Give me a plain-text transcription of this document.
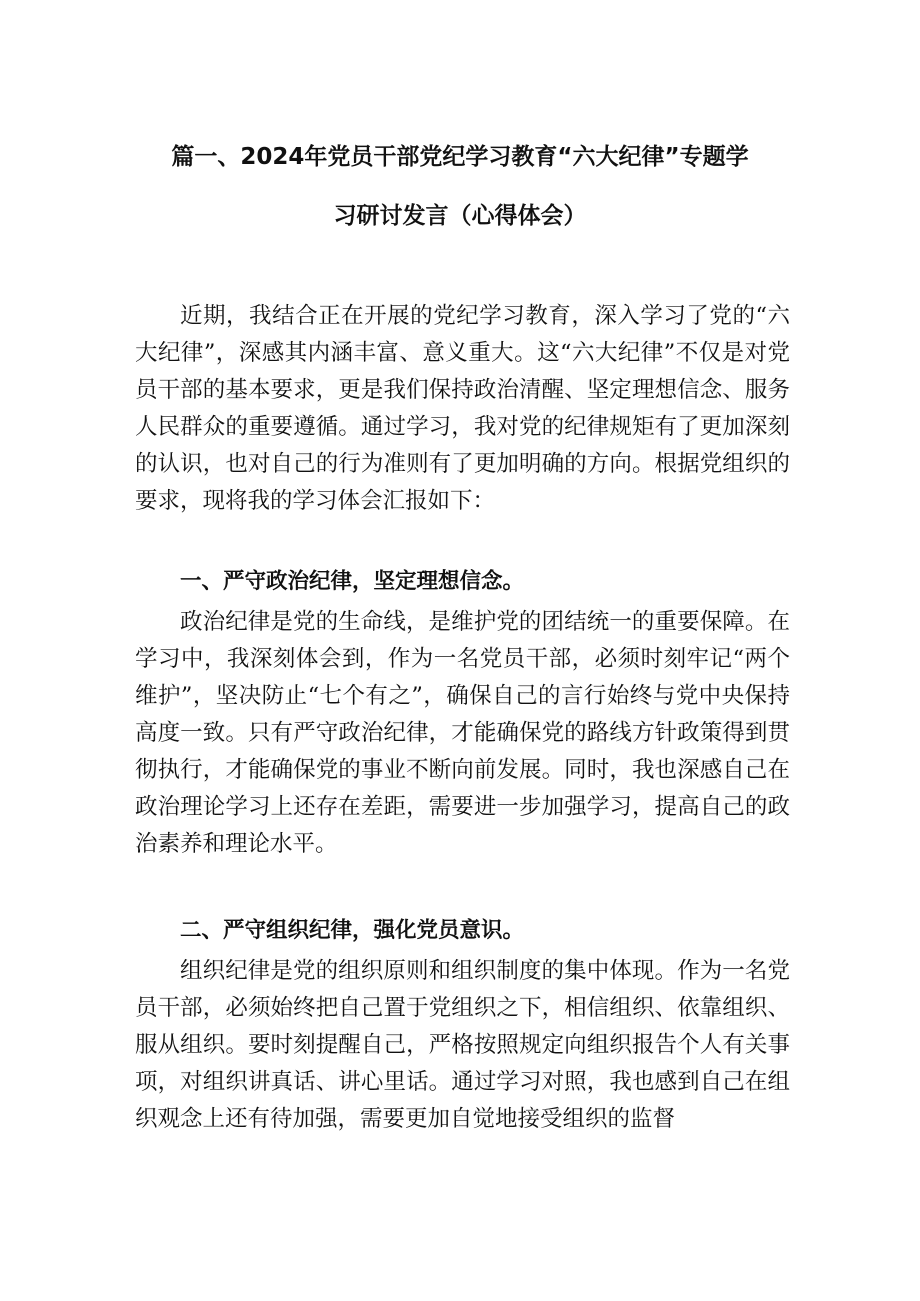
篇一、2024年党员干部党纪学习教育“六大纪律”专题学
习研讨发言（心得体会）

近期，我结合正在开展的党纪学习教育，深入学习了党的“六大纪律”，深感其内涵丰富、意义重大。这“六大纪律”不仅是对党员干部的基本要求，更是我们保持政治清醒、坚定理想信念、服务人民群众的重要遵循。通过学习，我对党的纪律规矩有了更加深刻的认识，也对自己的行为准则有了更加明确的方向。根据党组织的要求，现将我的学习体会汇报如下：

一、严守政治纪律，坚定理想信念。

政治纪律是党的生命线，是维护党的团结统一的重要保障。在学习中，我深刻体会到，作为一名党员干部，必须时刻牢记“两个维护”，坚决防止“七个有之”，确保自己的言行始终与党中央保持高度一致。只有严守政治纪律，才能确保党的路线方针政策得到贯彻执行，才能确保党的事业不断向前发展。同时，我也深感自己在政治理论学习上还存在差距，需要进一步加强学习，提高自己的政治素养和理论水平。

二、严守组织纪律，强化党员意识。

组织纪律是党的组织原则和组织制度的集中体现。作为一名党员干部，必须始终把自己置于党组织之下，相信组织、依靠组织、服从组织。要时刻提醒自己，严格按照规定向组织报告个人有关事项，对组织讲真话、讲心里话。通过学习对照，我也感到自己在组织观念上还有待加强，需要更加自觉地接受组织的监督
